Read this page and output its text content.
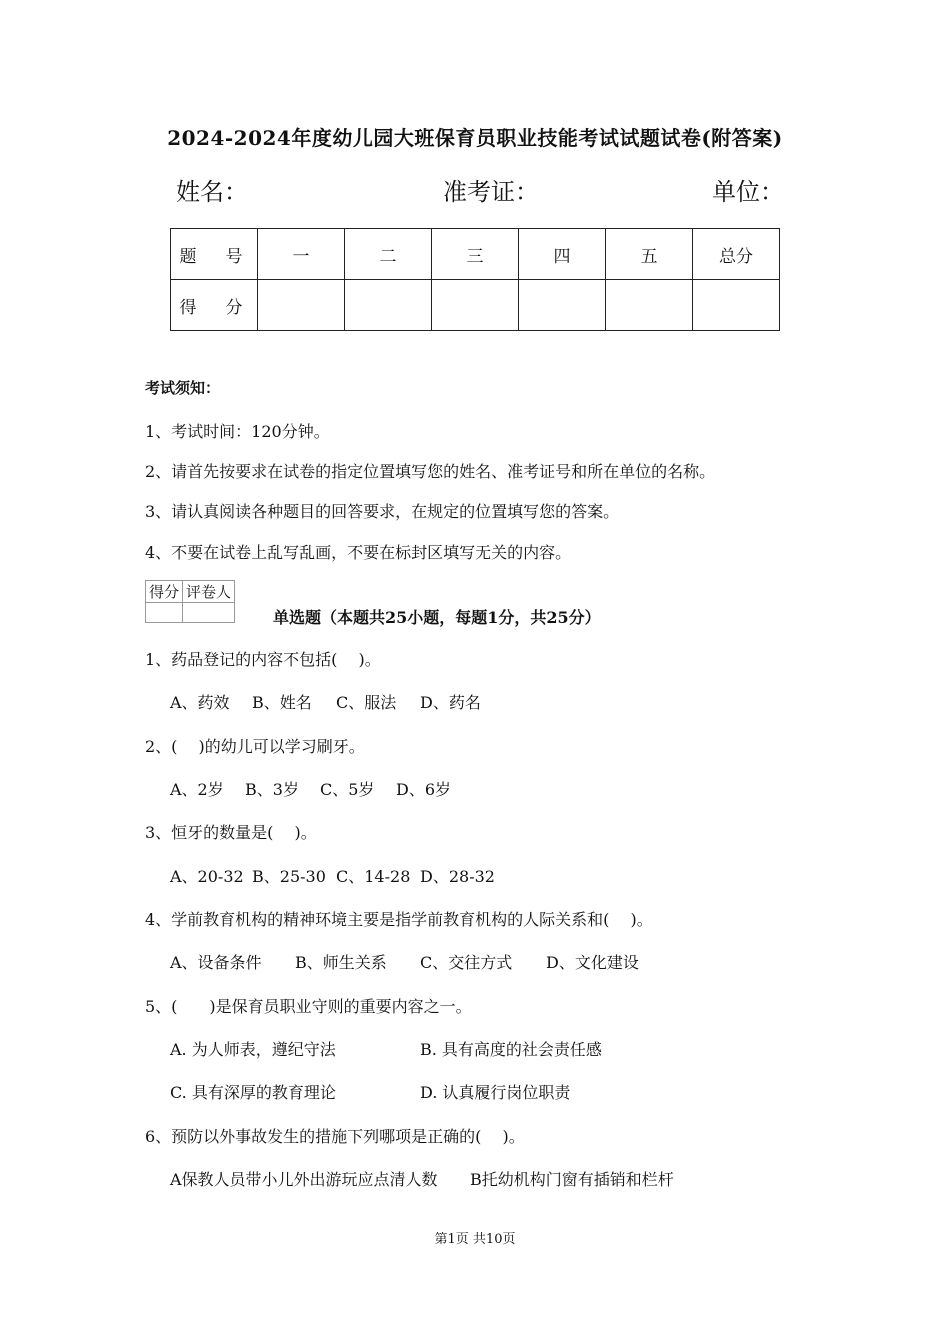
2024-2024年度幼儿园大班保育员职业技能考试试题试卷(附答案)
姓名：	准考证：	单位：
题　号	一	二	三	四	五	总分
得　分						
考试须知：
1、考试时间：120分钟。
2、请首先按要求在试卷的指定位置填写您的姓名、准考证号和所在单位的名称。
3、请认真阅读各种题目的回答要求，在规定的位置填写您的答案。
4、不要在试卷上乱写乱画，不要在标封区填写无关的内容。
得分	评卷人

单选题（本题共25小题，每题1分，共25分）
1、药品登记的内容不包括(　 )。
A、药效 B、姓名 C、服法 D、药名
2、(　 )的幼儿可以学习刷牙。
A、2岁 B、3岁 C、5岁 D、6岁
3、恒牙的数量是(　 )。
A、20-32 B、25-30 C、14-28 D、28-32
4、学前教育机构的精神环境主要是指学前教育机构的人际关系和(　 )。
A、设备条件 B、师生关系 C、交往方式 D、文化建设
5、(　　)是保育员职业守则的重要内容之一。
A. 为人师表，遵纪守法	B. 具有高度的社会责任感
C. 具有深厚的教育理论	D. 认真履行岗位职责
6、预防以外事故发生的措施下列哪项是正确的(　 )。
A保教人员带小儿外出游玩应点清人数 B托幼机构门窗有插销和栏杆
第1页 共10页
